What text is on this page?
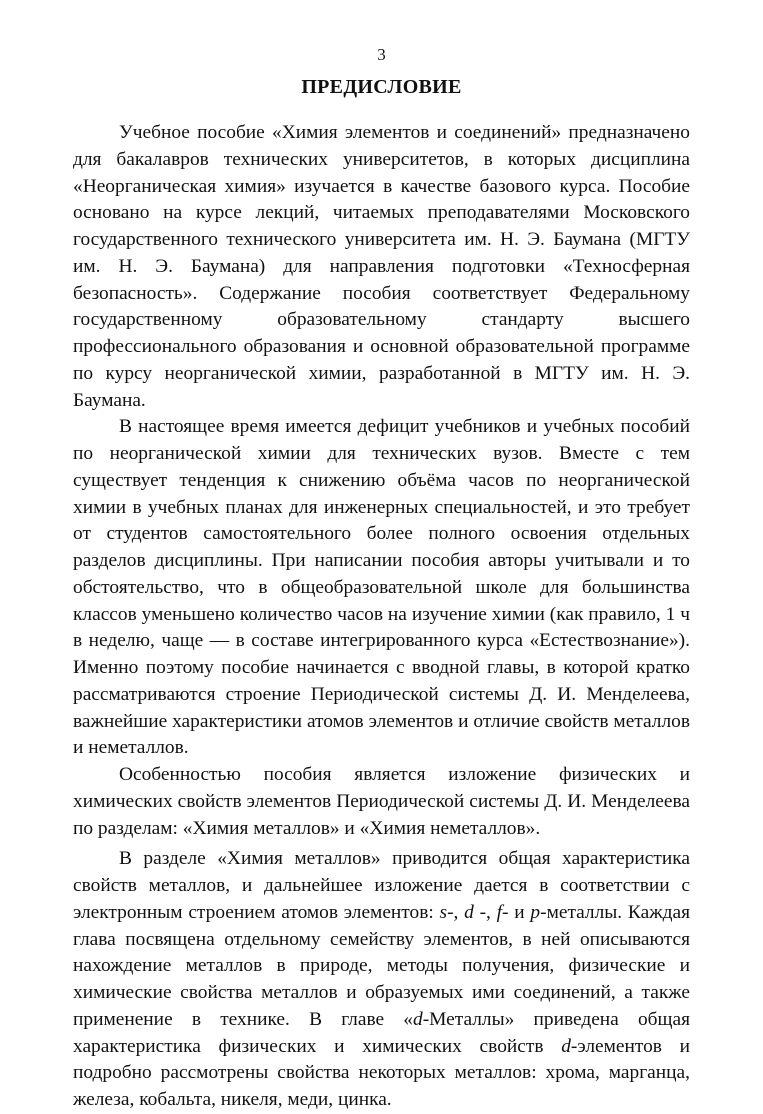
3

ПРЕДИСЛОВИЕ

Учебное пособие «Химия элементов и соединений» предназначено для бакалавров технических университетов, в которых дисциплина «Неорганическая химия» изучается в качестве базового курса. Пособие основано на курсе лекций, читаемых преподавателями Московского государственного технического университета им. Н. Э. Баумана (МГТУ им. Н. Э. Баумана) для направления подготовки «Техносферная безопасность». Содержание пособия соответствует Федеральному государственному образовательному стандарту высшего профессионального образования и основной образовательной программе по курсу неорганической химии, разработанной в МГТУ им. Н. Э. Баумана.

В настоящее время имеется дефицит учебников и учебных пособий по неорганической химии для технических вузов. Вместе с тем существует тенденция к снижению объёма часов по неорганической химии в учебных планах для инженерных специальностей, и это требует от студентов самостоятельного более полного освоения отдельных разделов дисциплины. При написании пособия авторы учитывали и то обстоятельство, что в общеобразовательной школе для большинства классов уменьшено количество часов на изучение химии (как правило, 1 ч в неделю, чаще — в составе интегрированного курса «Естествознание»). Именно поэтому пособие начинается с вводной главы, в которой кратко рассматриваются строение Периодической системы Д. И. Менделеева, важнейшие характеристики атомов элементов и отличие свойств металлов и неметаллов.

Особенностью пособия является изложение физических и химических свойств элементов Периодической системы Д. И. Менделеева по разделам: «Химия металлов» и «Химия неметаллов».

В разделе «Химия металлов» приводится общая характеристика свойств металлов, и дальнейшее изложение дается в соответствии с электронным строением атомов элементов: s-, d -, f- и p-металлы. Каждая глава посвящена отдельному семейству элементов, в ней описываются нахождение металлов в природе, методы получения, физические и химические свойства металлов и образуемых ими соединений, а также применение в технике. В главе «d-Металлы» приведена общая характеристика физических и химических свойств d-элементов и подробно рассмотрены свойства некоторых металлов: хрома, марганца, железа, кобальта, никеля, меди, цинка.
